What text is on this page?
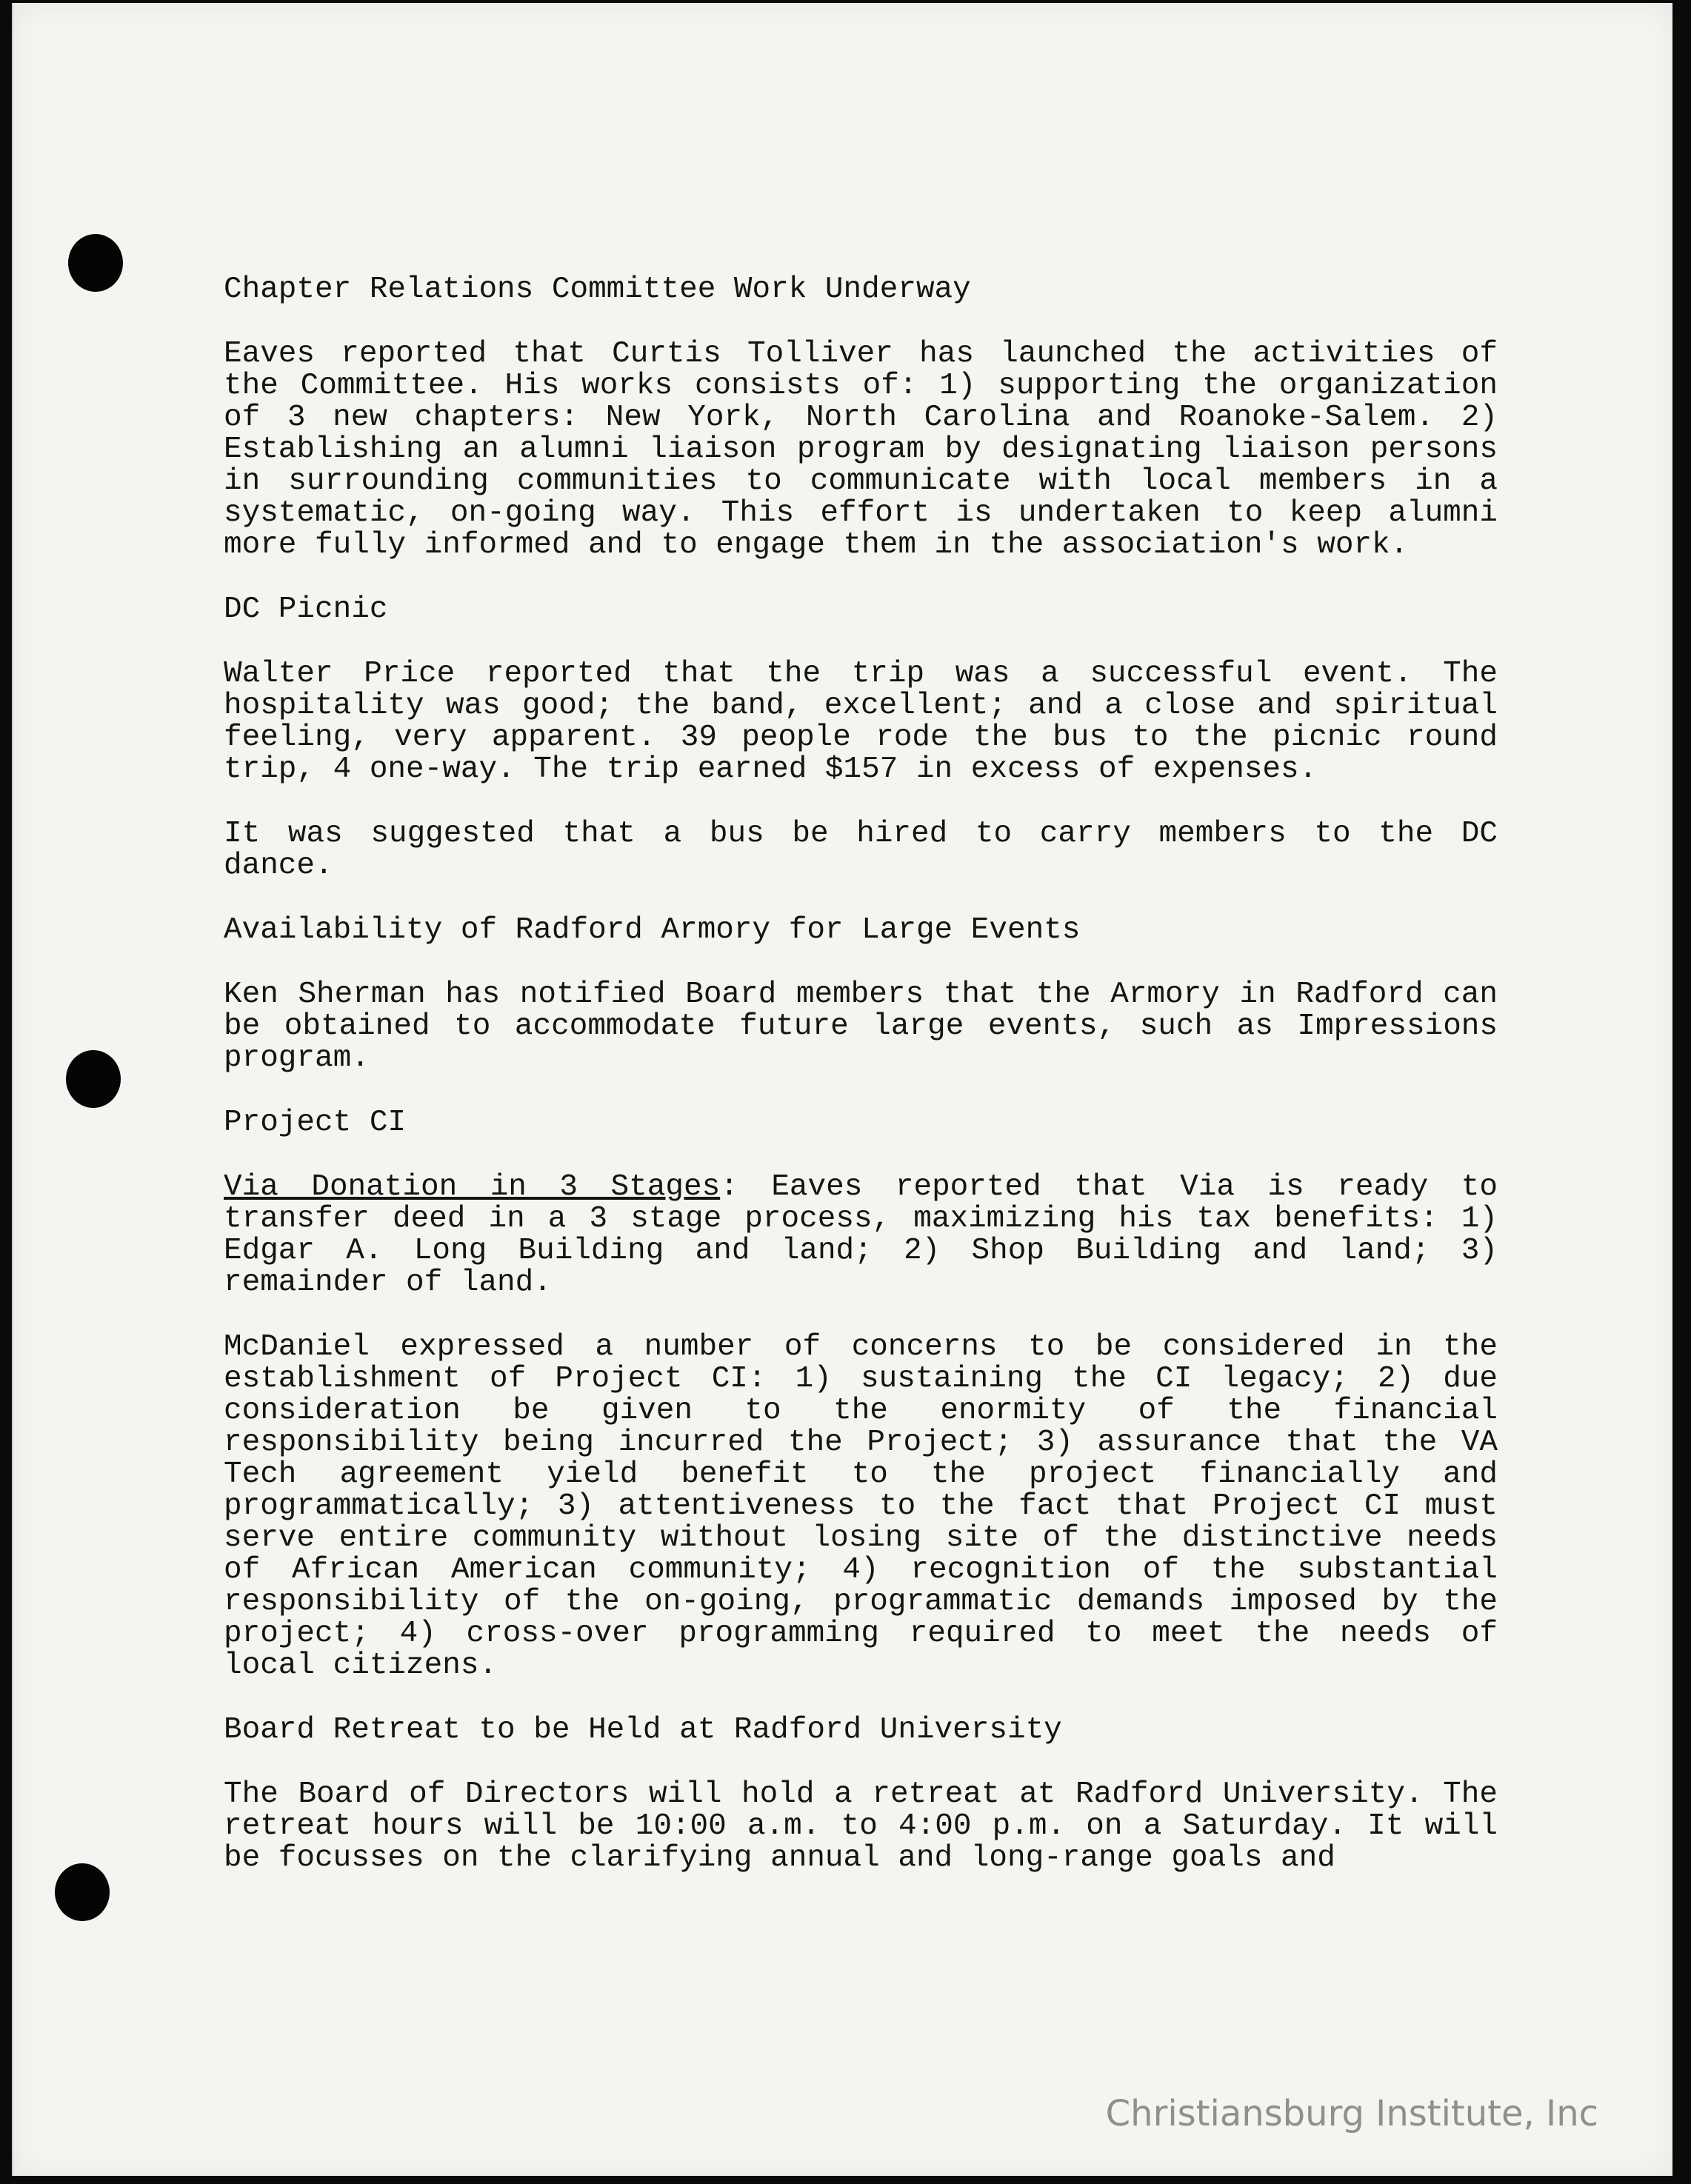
Chapter Relations Committee Work Underway
Eaves reported that Curtis Tolliver has launched the activities of the Committee. His works consists of: 1) supporting the organization of 3 new chapters: New York, North Carolina and Roanoke-Salem. 2) Establishing an alumni liaison program by designating liaison persons in surrounding communities to communicate with local members in a systematic, on-going way. This effort is undertaken to keep alumni more fully informed and to engage them in the association's work.
DC Picnic
Walter Price reported that the trip was a successful event. The hospitality was good; the band, excellent; and a close and spiritual feeling, very apparent. 39 people rode the bus to the picnic round trip, 4 one-way. The trip earned $157 in excess of expenses.
It was suggested that a bus be hired to carry members to the DC dance.
Availability of Radford Armory for Large Events
Ken Sherman has notified Board members that the Armory in Radford can be obtained to accommodate future large events, such as Impressions program.
Project CI
Via Donation in 3 Stages: Eaves reported that Via is ready to transfer deed in a 3 stage process, maximizing his tax benefits: 1) Edgar A. Long Building and land; 2) Shop Building and land; 3) remainder of land.
McDaniel expressed a number of concerns to be considered in the establishment of Project CI: 1) sustaining the CI legacy; 2) due consideration be given to the enormity of the financial responsibility being incurred the Project; 3) assurance that the VA Tech agreement yield benefit to the project financially and programmatically; 3) attentiveness to the fact that Project CI must serve entire community without losing site of the distinctive needs of African American community; 4) recognition of the substantial responsibility of the on-going, programmatic demands imposed by the project; 4) cross-over programming required to meet the needs of local citizens.
Board Retreat to be Held at Radford University
The Board of Directors will hold a retreat at Radford University. The retreat hours will be 10:00 a.m. to 4:00 p.m. on a Saturday. It will be focusses on the clarifying annual and long-range goals and
Christiansburg Institute, Inc
